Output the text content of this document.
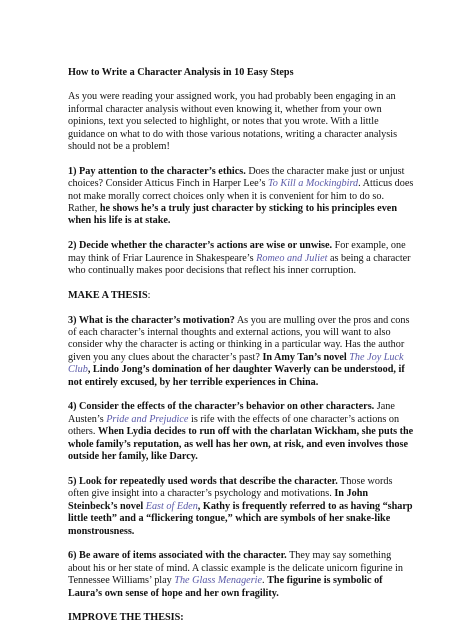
How to Write a Character Analysis in 10 Easy Steps

As you were reading your assigned work, you had probably been engaging in an informal character analysis without even knowing it, whether from your own opinions, text you selected to highlight, or notes that you wrote. With a little guidance on what to do with those various notations, writing a character analysis should not be a problem!

1) Pay attention to the character’s ethics. Does the character make just or unjust choices? Consider Atticus Finch in Harper Lee’s To Kill a Mockingbird. Atticus does not make morally correct choices only when it is convenient for him to do so. Rather, he shows he’s a truly just character by sticking to his principles even when his life is at stake.

2) Decide whether the character’s actions are wise or unwise. For example, one may think of Friar Laurence in Shakespeare’s Romeo and Juliet as being a character who continually makes poor decisions that reflect his inner corruption.

MAKE A THESIS:

3) What is the character’s motivation? As you are mulling over the pros and cons of each character’s internal thoughts and external actions, you will want to also consider why the character is acting or thinking in a particular way. Has the author given you any clues about the character’s past? In Amy Tan’s novel The Joy Luck Club, Lindo Jong’s domination of her daughter Waverly can be understood, if not entirely excused, by her terrible experiences in China.

4) Consider the effects of the character’s behavior on other characters. Jane Austen’s Pride and Prejudice is rife with the effects of one character’s actions on others. When Lydia decides to run off with the charlatan Wickham, she puts the whole family’s reputation, as well has her own, at risk, and even involves those outside her family, like Darcy.

5) Look for repeatedly used words that describe the character. Those words often give insight into a character’s psychology and motivations. In John Steinbeck’s novel East of Eden, Kathy is frequently referred to as having “sharp little teeth” and a “flickering tongue,” which are symbols of her snake-like monstrousness.

6) Be aware of items associated with the character. They may say something about his or her state of mind. A classic example is the delicate unicorn figurine in Tennessee Williams’ play The Glass Menagerie. The figurine is symbolic of Laura’s own sense of hope and her own fragility.

IMPROVE THE THESIS:
